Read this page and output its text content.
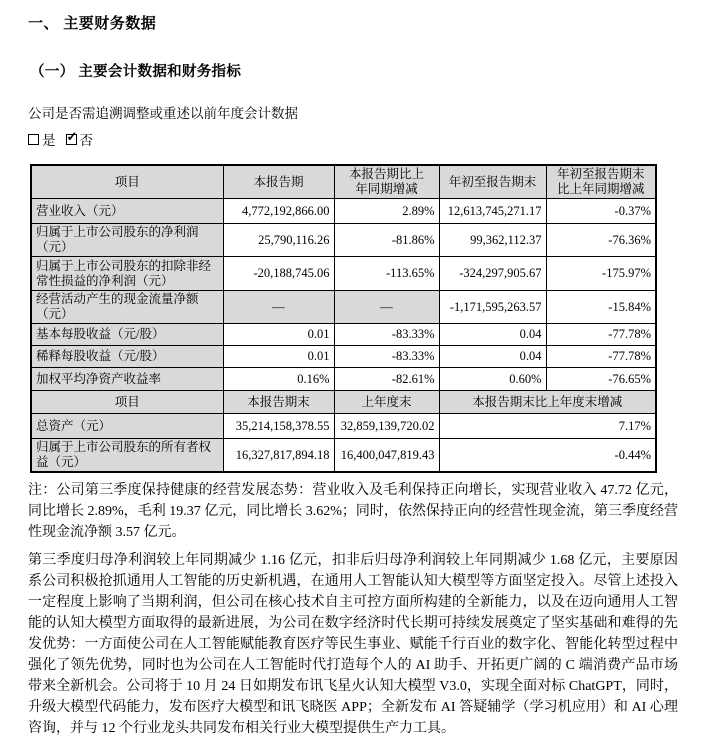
一、 主要财务数据
（一） 主要会计数据和财务指标

公司是否需追溯调整或重述以前年度会计数据

是 ✓ 否
项目	本报告期	本报告期比上年同期增减	年初至报告期末	年初至报告期末比上年同期增减
营业收入（元）	4,772,192,866.00	2.89%	12,613,745,271.17	-0.37%
归属于上市公司股东的净利润（元）	25,790,116.26	-81.86%	99,362,112.37	-76.36%
归属于上市公司股东的扣除非经常性损益的净利润（元）	-20,188,745.06	-113.65%	-324,297,905.67	-175.97%
经营活动产生的现金流量净额（元）	—	—	-1,171,595,263.57	-15.84%
基本每股收益（元/股）	0.01	-83.33%	0.04	-77.78%
稀释每股收益（元/股）	0.01	-83.33%	0.04	-77.78%
加权平均净资产收益率	0.16%	-82.61%	0.60%	-76.65%
项目	本报告期末	上年度末	本报告期末比上年度末增减	
总资产（元）	35,214,158,378.55	32,859,139,720.02	7.17%	
归属于上市公司股东的所有者权益（元）	16,327,817,894.18	16,400,047,819.43	-0.44%	

注：公司第三季度保持健康的经营发展态势：营业收入及毛利保持正向增长，实现营业收入 47.72 亿元，同比增长 2.89%，毛利 19.37 亿元，同比增长 3.62%；同时，依然保持正向的经营性现金流，第三季度经营性现金流净额 3.57 亿元。

第三季度归母净利润较上年同期减少 1.16 亿元，扣非后归母净利润较上年同期减少 1.68 亿元，主要原因系公司积极抢抓通用人工智能的历史新机遇，在通用人工智能认知大模型等方面坚定投入。尽管上述投入一定程度上影响了当期利润，但公司在核心技术自主可控方面所构建的全新能力，以及在迈向通用人工智能的认知大模型方面取得的最新进展，为公司在数字经济时代长期可持续发展奠定了坚实基础和难得的先发优势：一方面使公司在人工智能赋能教育医疗等民生事业、赋能千行百业的数字化、智能化转型过程中强化了领先优势，同时也为公司在人工智能时代打造每个人的 AI 助手、开拓更广阔的 C 端消费产品市场带来全新机会。公司将于 10 月 24 日如期发布讯飞星火认知大模型 V3.0，实现全面对标 ChatGPT，同时，升级大模型代码能力，发布医疗大模型和讯飞晓医 APP；全新发布 AI 答疑辅学（学习机应用）和 AI 心理咨询，并与 12 个行业龙头共同发布相关行业大模型提供生产力工具。
